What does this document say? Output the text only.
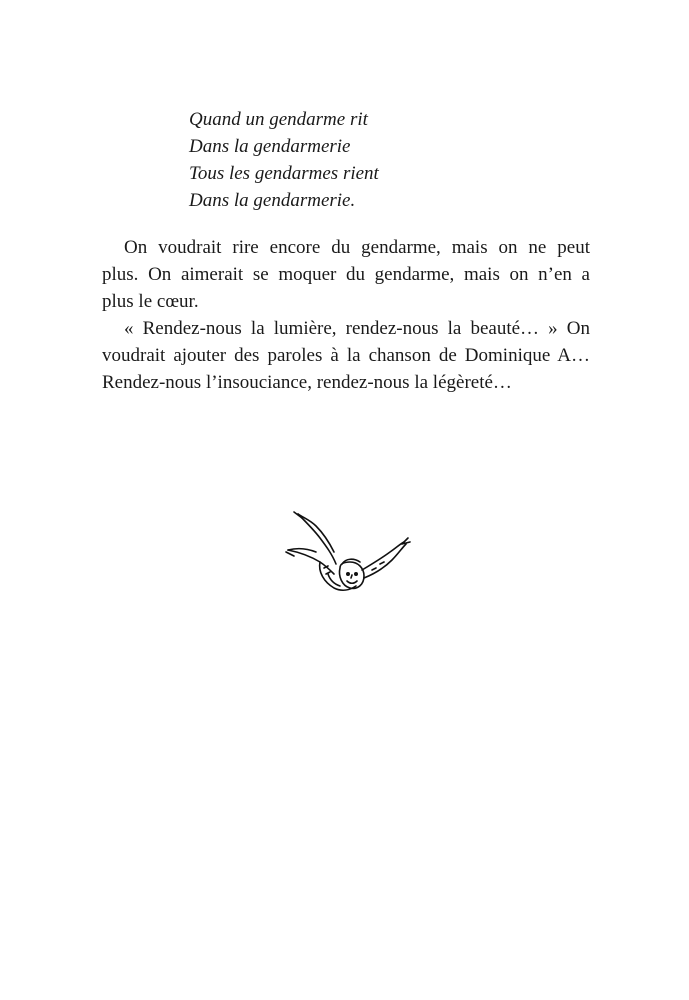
Quand un gendarme rit
Dans la gendarmerie
Tous les gendarmes rient
Dans la gendarmerie.
On voudrait rire encore du gendarme, mais on ne peut
plus. On aimerait se moquer du gendarme, mais on n’en a
plus le cœur.
« Rendez-nous la lumière, rendez-nous la beauté… » On
voudrait ajouter des paroles à la chanson de Dominique A…
Rendez-nous l’insouciance, rendez-nous la légèreté…
